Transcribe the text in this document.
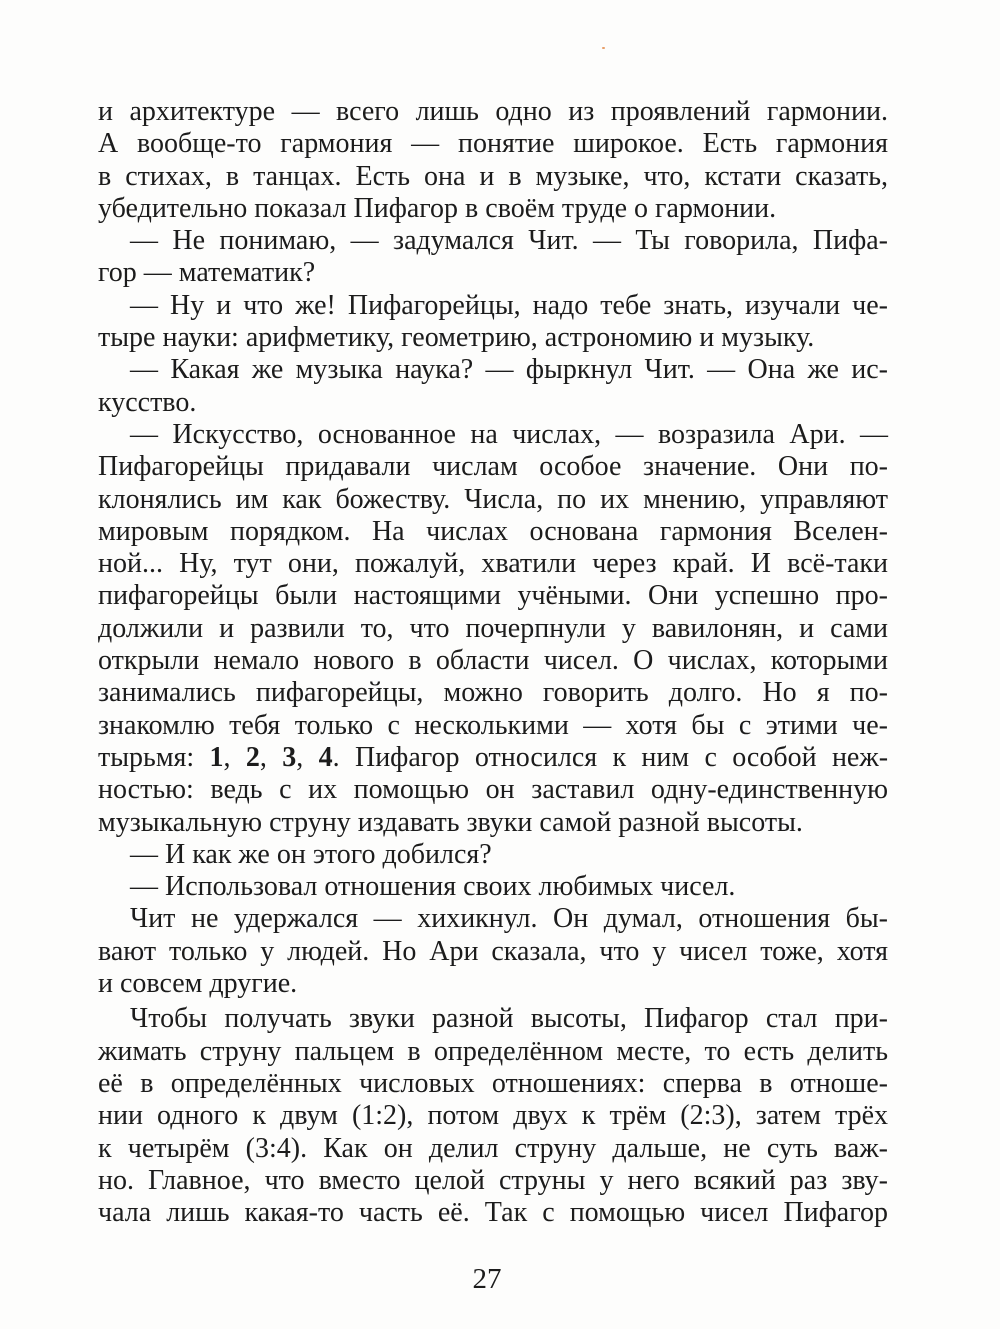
и архитектуре — всего лишь одно из проявлений гармонии.
А вообще-то гармония — понятие широкое. Есть гармония
в стихах, в танцах. Есть она и в музыке, что, кстати сказать,
убедительно показал Пифагор в своём труде о гармонии.
— Не понимаю, — задумался Чит. — Ты говорила, Пифа-
гор — математик?
— Ну и что же! Пифагорейцы, надо тебе знать, изучали че-
тыре науки: арифметику, геометрию, астрономию и музыку.
— Какая же музыка наука? — фыркнул Чит. — Она же ис-
кусство.
— Искусство, основанное на числах, — возразила Ари. —
Пифагорейцы придавали числам особое значение. Они по-
клонялись им как божеству. Числа, по их мнению, управляют
мировым порядком. На числах основана гармония Вселен-
ной... Ну, тут они, пожалуй, хватили через край. И всё-таки
пифагорейцы были настоящими учёными. Они успешно про-
должили и развили то, что почерпнули у вавилонян, и сами
открыли немало нового в области чисел. О числах, которыми
занимались пифагорейцы, можно говорить долго. Но я по-
знакомлю тебя только с несколькими — хотя бы с этими че-
тырьмя: 1, 2, 3, 4. Пифагор относился к ним с особой неж-
ностью: ведь с их помощью он заставил одну-единственную
музыкальную струну издавать звуки самой разной высоты.
— И как же он этого добился?
— Использовал отношения своих любимых чисел.
Чит не удержался — хихикнул. Он думал, отношения бы-
вают только у людей. Но Ари сказала, что у чисел тоже, хотя
и совсем другие.
Чтобы получать звуки разной высоты, Пифагор стал при-
жимать струну пальцем в определённом месте, то есть делить
её в определённых числовых отношениях: сперва в отноше-
нии одного к двум (1:2), потом двух к трём (2:3), затем трёх
к четырём (3:4). Как он делил струну дальше, не суть важ-
но. Главное, что вместо целой струны у него всякий раз зву-
чала лишь какая-то часть её. Так с помощью чисел Пифагор
27
